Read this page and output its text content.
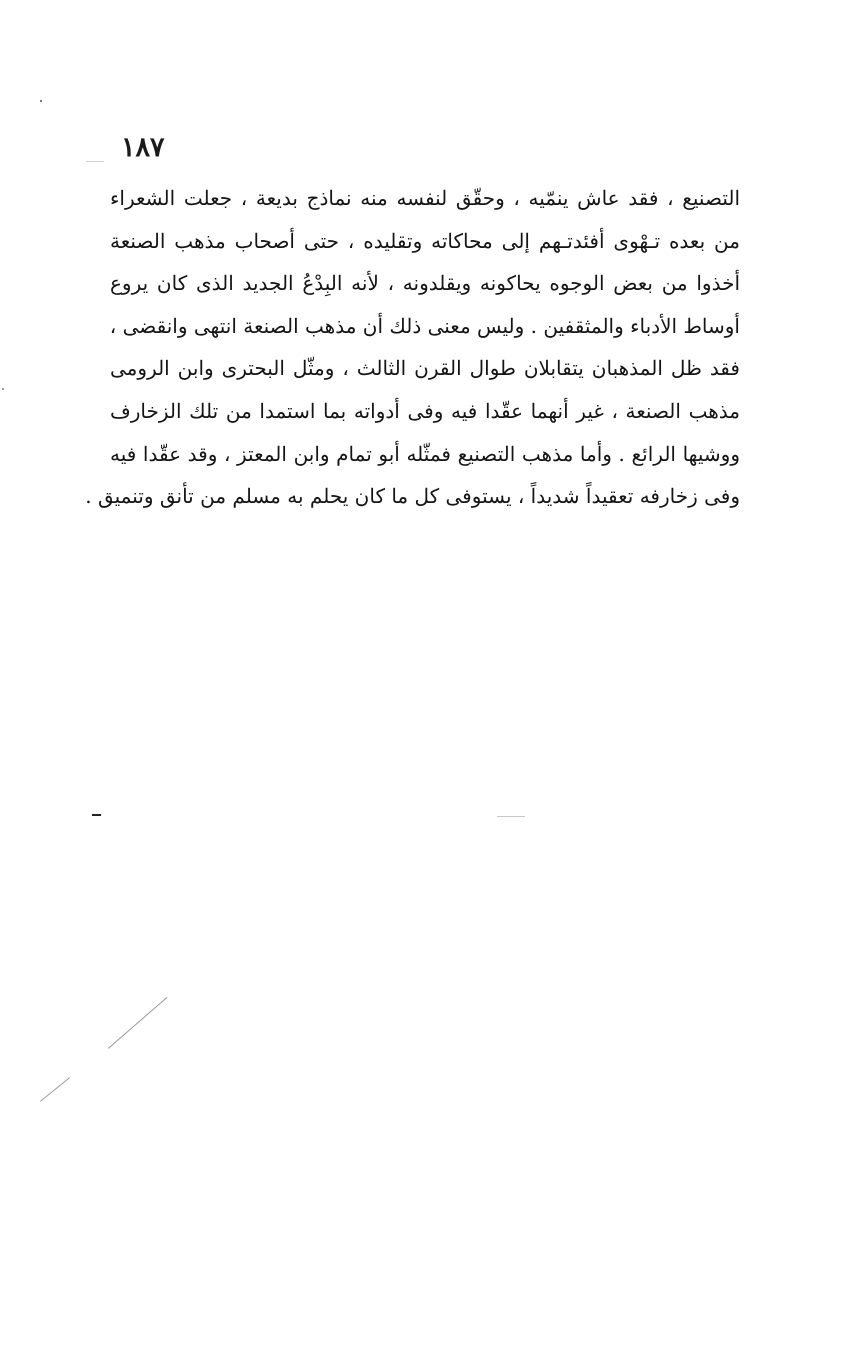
١٨٧
التصنيع ، فقد عاش ينمّيه ، وحقّق لنفسه منه نماذج بديعة ، جعلت الشعراء
من بعده تـهْوى أفئدتـهم إلى محاكاته وتقليده ، حتى أصحاب مذهب الصنعة
أخذوا من بعض الوجوه يحاكونه ويقلدونه ، لأنه البِدْعُ الجديد الذى كان يروع
أوساط الأدباء والمثقفين . وليس معنى ذلك أن مذهب الصنعة انتهى وانقضى ،
فقد ظل المذهبان يتقابلان طوال القرن الثالث ، ومثّل البحترى وابن الرومى
مذهب الصنعة ، غير أنهما عقّدا فيه وفى أدواته بما استمدا من تلك الزخارف
ووشيها الرائع . وأما مذهب التصنيع فمثّله أبو تمام وابن المعتز ، وقد عقّدا فيه
وفى زخارفه تعقيداً شديداً ، يستوفى كل ما كان يحلم به مسلم من تأنق وتنميق .
